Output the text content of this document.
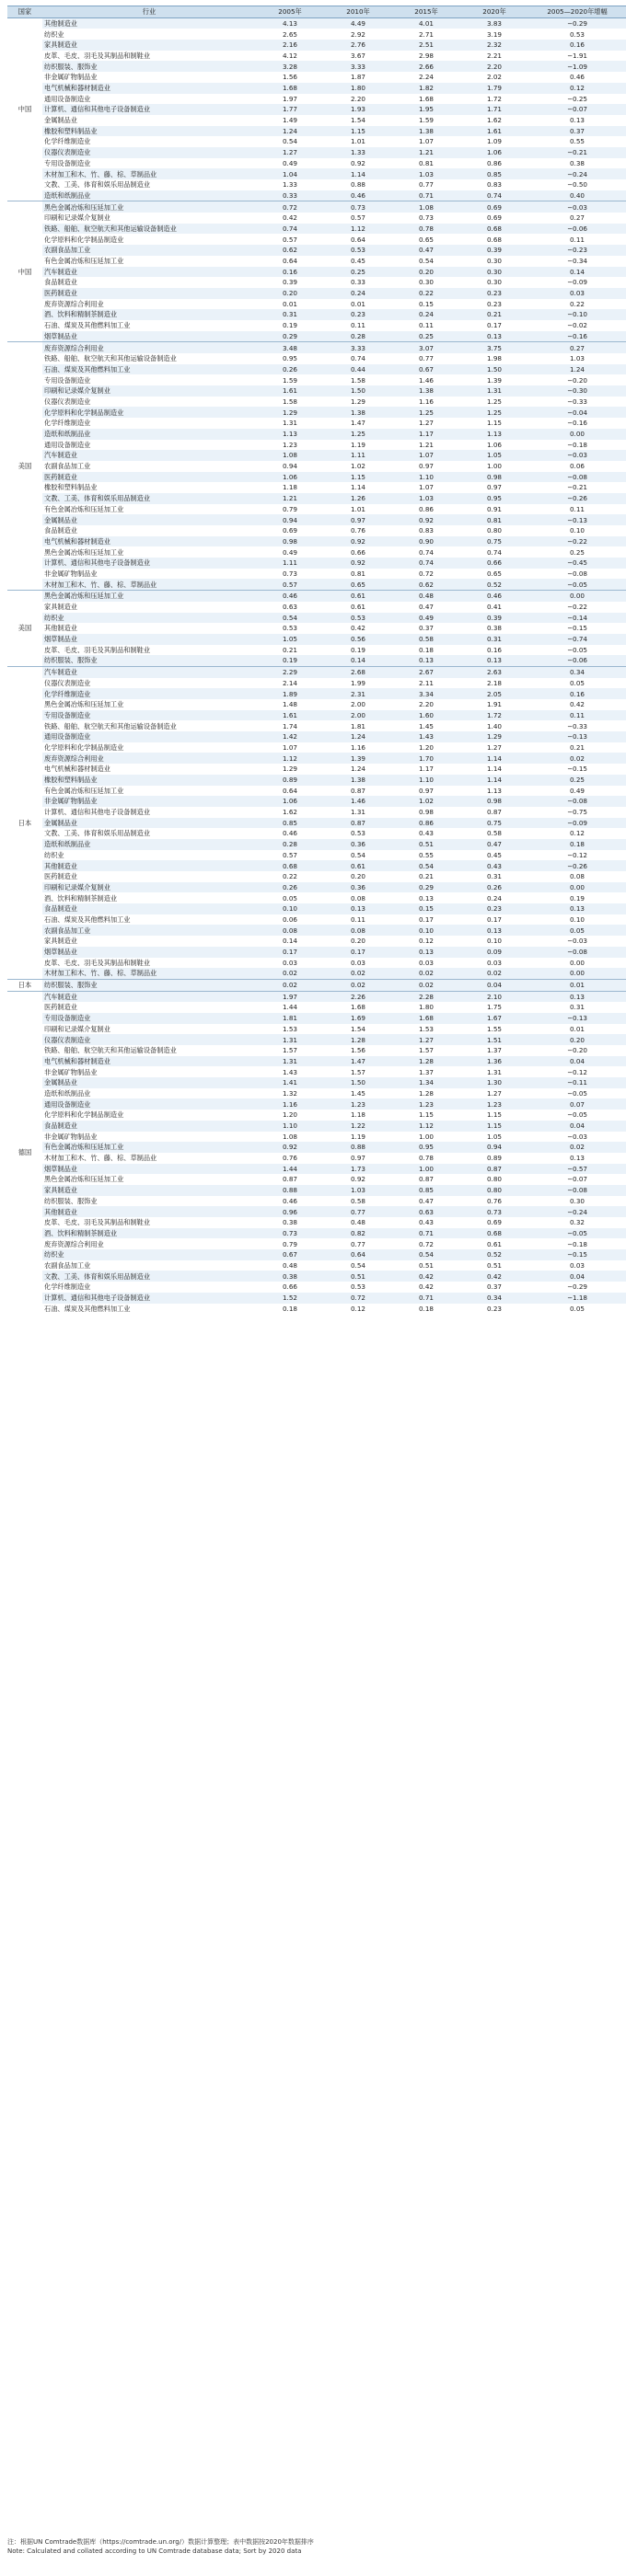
国家	行业	2005年	2010年	2015年	2020年	2005—2020年增幅
中国	其他制造业	4.13	4.49	4.01	3.83	−0.29
	纺织业	2.65	2.92	2.71	3.19	0.53
	家具制造业	2.16	2.76	2.51	2.32	0.16
	皮革、毛皮、羽毛及其制品和制鞋业	4.12	3.67	2.98	2.21	−1.91
	纺织服装、服饰业	3.28	3.33	2.66	2.20	−1.09
	非金属矿物制品业	1.56	1.87	2.24	2.02	0.46
	电气机械和器材制造业	1.68	1.80	1.82	1.79	0.12
	通用设备制造业	1.97	2.20	1.68	1.72	−0.25
	计算机、通信和其他电子设备制造业	1.77	1.93	1.95	1.71	−0.07
	金属制品业	1.49	1.54	1.59	1.62	0.13
	橡胶和塑料制品业	1.24	1.15	1.38	1.61	0.37
	化学纤维制造业	0.54	1.01	1.07	1.09	0.55
	仪器仪表制造业	1.27	1.33	1.21	1.06	−0.21
	专用设备制造业	0.49	0.92	0.81	0.86	0.38
	木材加工和木、竹、藤、棕、草制品业	1.04	1.14	1.03	0.85	−0.24
	文教、工美、体育和娱乐用品制造业	1.33	0.88	0.77	0.83	−0.50
	造纸和纸制品业	0.33	0.46	0.71	0.74	0.40
中国	黑色金属冶炼和压延加工业	0.72	0.73	1.08	0.69	−0.03
	印刷和记录媒介复制业	0.42	0.57	0.73	0.69	0.27
	铁路、船舶、航空航天和其他运输设备制造业	0.74	1.12	0.78	0.68	−0.06
	化学原料和化学制品制造业	0.57	0.64	0.65	0.68	0.11
	农副食品加工业	0.62	0.53	0.47	0.39	−0.23
	有色金属冶炼和压延加工业	0.64	0.45	0.54	0.30	−0.34
	汽车制造业	0.16	0.25	0.20	0.30	0.14
	食品制造业	0.39	0.33	0.30	0.30	−0.09
	医药制造业	0.20	0.24	0.22	0.23	0.03
	废弃资源综合利用业	0.01	0.01	0.15	0.23	0.22
	酒、饮料和精制茶制造业	0.31	0.23	0.24	0.21	−0.10
	石油、煤炭及其他燃料加工业	0.19	0.11	0.11	0.17	−0.02
	烟草制品业	0.29	0.28	0.25	0.13	−0.16
美国	废弃资源综合利用业	3.48	3.33	3.07	3.75	0.27
	铁路、船舶、航空航天和其他运输设备制造业	0.95	0.74	0.77	1.98	1.03
	石油、煤炭及其他燃料加工业	0.26	0.44	0.67	1.50	1.24
	专用设备制造业	1.59	1.58	1.46	1.39	−0.20
	印刷和记录媒介复制业	1.61	1.50	1.38	1.31	−0.30
	仪器仪表制造业	1.58	1.29	1.16	1.25	−0.33
	化学原料和化学制品制造业	1.29	1.38	1.25	1.25	−0.04
	化学纤维制造业	1.31	1.47	1.27	1.15	−0.16
	造纸和纸制品业	1.13	1.25	1.17	1.13	0.00
	通用设备制造业	1.23	1.19	1.21	1.06	−0.18
	汽车制造业	1.08	1.11	1.07	1.05	−0.03
	农副食品加工业	0.94	1.02	0.97	1.00	0.06
	医药制造业	1.06	1.15	1.10	0.98	−0.08
	橡胶和塑料制品业	1.18	1.14	1.07	0.97	−0.21
	文教、工美、体育和娱乐用品制造业	1.21	1.26	1.03	0.95	−0.26
	有色金属冶炼和压延加工业	0.79	1.01	0.86	0.91	0.11
	金属制品业	0.94	0.97	0.92	0.81	−0.13
	食品制造业	0.69	0.76	0.83	0.80	0.10
	电气机械和器材制造业	0.98	0.92	0.90	0.75	−0.22
	黑色金属冶炼和压延加工业	0.49	0.66	0.74	0.74	0.25
	计算机、通信和其他电子设备制造业	1.11	0.92	0.74	0.66	−0.45
	非金属矿物制品业	0.73	0.81	0.72	0.65	−0.08
	木材加工和木、竹、藤、棕、草制品业	0.57	0.65	0.62	0.52	−0.05
美国	黑色金属冶炼和压延加工业	0.46	0.61	0.48	0.46	0.00
	家具制造业	0.63	0.61	0.47	0.41	−0.22
	纺织业	0.54	0.53	0.49	0.39	−0.14
	其他制造业	0.53	0.42	0.37	0.38	−0.15
	烟草制品业	1.05	0.56	0.58	0.31	−0.74
	皮革、毛皮、羽毛及其制品和制鞋业	0.21	0.19	0.18	0.16	−0.05
	纺织服装、服饰业	0.19	0.14	0.13	0.13	−0.06
日本	汽车制造业	2.29	2.68	2.67	2.63	0.34
	仪器仪表制造业	2.14	1.99	2.11	2.18	0.05
	化学纤维制造业	1.89	2.31	3.34	2.05	0.16
	黑色金属冶炼和压延加工业	1.48	2.00	2.20	1.91	0.42
	专用设备制造业	1.61	2.00	1.60	1.72	0.11
	铁路、船舶、航空航天和其他运输设备制造业	1.74	1.81	1.45	1.40	−0.33
	通用设备制造业	1.42	1.24	1.43	1.29	−0.13
	化学原料和化学制品制造业	1.07	1.16	1.20	1.27	0.21
	废弃资源综合利用业	1.12	1.39	1.70	1.14	0.02
	电气机械和器材制造业	1.29	1.24	1.17	1.14	−0.15
	橡胶和塑料制品业	0.89	1.38	1.10	1.14	0.25
	有色金属冶炼和压延加工业	0.64	0.87	0.97	1.13	0.49
	非金属矿物制品业	1.06	1.46	1.02	0.98	−0.08
	计算机、通信和其他电子设备制造业	1.62	1.31	0.98	0.87	−0.75
	金属制品业	0.85	0.87	0.86	0.75	−0.09
	文教、工美、体育和娱乐用品制造业	0.46	0.53	0.43	0.58	0.12
	造纸和纸制品业	0.28	0.36	0.51	0.47	0.18
	纺织业	0.57	0.54	0.55	0.45	−0.12
	其他制造业	0.68	0.61	0.54	0.43	−0.26
	医药制造业	0.22	0.20	0.21	0.31	0.08
	印刷和记录媒介复制业	0.26	0.36	0.29	0.26	0.00
	酒、饮料和精制茶制造业	0.05	0.08	0.13	0.24	0.19
	食品制造业	0.10	0.13	0.15	0.23	0.13
	石油、煤炭及其他燃料加工业	0.06	0.11	0.17	0.17	0.10
	农副食品加工业	0.08	0.08	0.10	0.13	0.05
	家具制造业	0.14	0.20	0.12	0.10	−0.03
	烟草制品业	0.17	0.17	0.13	0.09	−0.08
	皮革、毛皮、羽毛及其制品和制鞋业	0.03	0.03	0.03	0.03	0.00
	木材加工和木、竹、藤、棕、草制品业	0.02	0.02	0.02	0.02	0.00
日本	纺织服装、服饰业	0.02	0.02	0.02	0.04	0.01
德国	汽车制造业	1.97	2.26	2.28	2.10	0.13
	医药制造业	1.44	1.68	1.80	1.75	0.31
	专用设备制造业	1.81	1.69	1.68	1.67	−0.13
	印刷和记录媒介复制业	1.53	1.54	1.53	1.55	0.01
	仪器仪表制造业	1.31	1.28	1.27	1.51	0.20
	铁路、船舶、航空航天和其他运输设备制造业	1.57	1.56	1.57	1.37	−0.20
	电气机械和器材制造业	1.31	1.47	1.28	1.36	0.04
	非金属矿物制品业	1.43	1.57	1.37	1.31	−0.12
	金属制品业	1.41	1.50	1.34	1.30	−0.11
	造纸和纸制品业	1.32	1.45	1.28	1.27	−0.05
	通用设备制造业	1.16	1.23	1.23	1.23	0.07
	化学原料和化学制品制造业	1.20	1.18	1.15	1.15	−0.05
	食品制造业	1.10	1.22	1.12	1.15	0.04
	非金属矿物制品业	1.08	1.19	1.00	1.05	−0.03
	有色金属冶炼和压延加工业	0.92	0.88	0.95	0.94	0.02
	木材加工和木、竹、藤、棕、草制品业	0.76	0.97	0.78	0.89	0.13
	烟草制品业	1.44	1.73	1.00	0.87	−0.57
	黑色金属冶炼和压延加工业	0.87	0.92	0.87	0.80	−0.07
	家具制造业	0.88	1.03	0.85	0.80	−0.08
	纺织服装、服饰业	0.46	0.58	0.47	0.76	0.30
	其他制造业	0.96	0.77	0.63	0.73	−0.24
	皮革、毛皮、羽毛及其制品和制鞋业	0.38	0.48	0.43	0.69	0.32
	酒、饮料和精制茶制造业	0.73	0.82	0.71	0.68	−0.05
	废弃资源综合利用业	0.79	0.77	0.72	0.61	−0.18
	纺织业	0.67	0.64	0.54	0.52	−0.15
	农副食品加工业	0.48	0.54	0.51	0.51	0.03
	文教、工美、体育和娱乐用品制造业	0.38	0.51	0.42	0.42	0.04
	化学纤维制造业	0.66	0.53	0.42	0.37	−0.29
	计算机、通信和其他电子设备制造业	1.52	0.72	0.71	0.34	−1.18
	石油、煤炭及其他燃料加工业	0.18	0.12	0.18	0.23	0.05
注：根据UN Comtrade数据库（https://comtrade.un.org/）数据计算整理；表中数据按2020年数据排序
Note: Calculated and collated according to UN Comtrade database data; Sort by 2020 data
